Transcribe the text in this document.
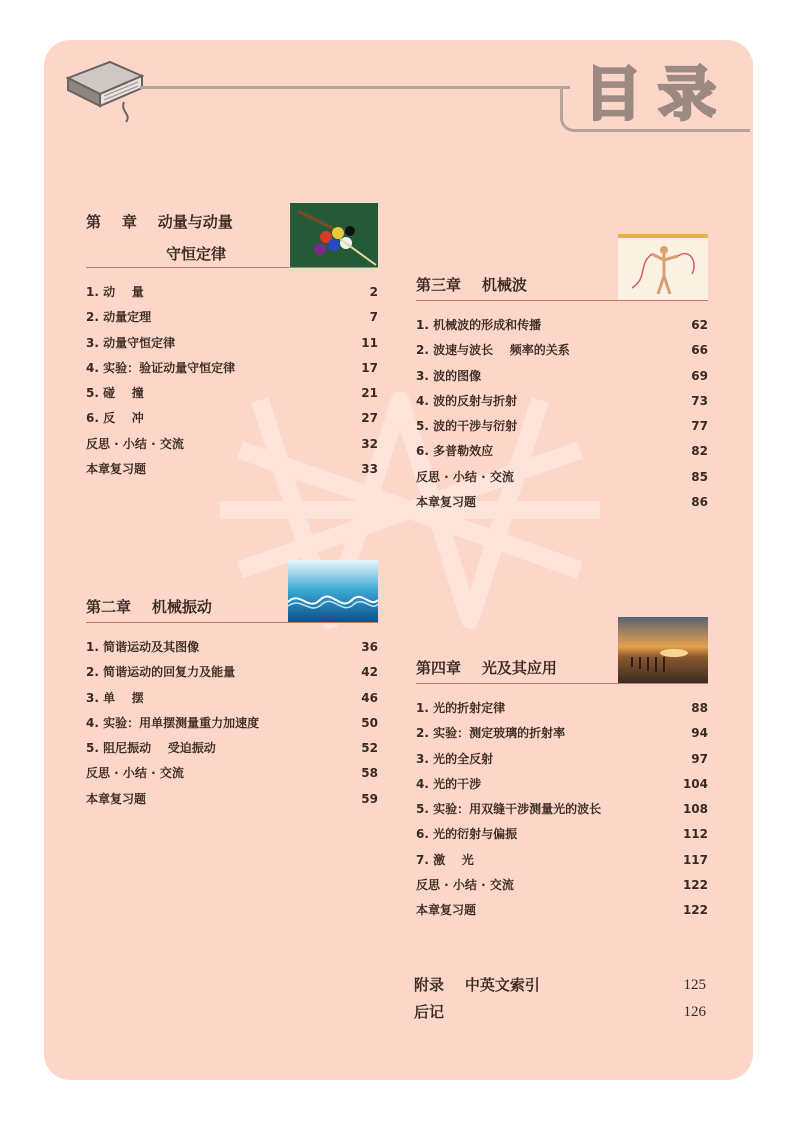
目录
第    章    动量与动量
守恒定律
1. 动    量	2
2. 动量定理	7
3. 动量守恒定律	11
4. 实验：验证动量守恒定律	17
5. 碰    撞	21
6. 反    冲	27
反思 · 小结 · 交流	32
本章复习题	33
第二章    机械振动
1. 简谐运动及其图像	36
2. 简谐运动的回复力及能量	42
3. 单    摆	46
4. 实验：用单摆测量重力加速度	50
5. 阻尼振动    受迫振动	52
反思 · 小结 · 交流	58
本章复习题	59
第三章    机械波
1. 机械波的形成和传播	62
2. 波速与波长    频率的关系	66
3. 波的图像	69
4. 波的反射与折射	73
5. 波的干涉与衍射	77
6. 多普勒效应	82
反思 · 小结 · 交流	85
本章复习题	86
第四章    光及其应用
1. 光的折射定律	88
2. 实验：测定玻璃的折射率	94
3. 光的全反射	97
4. 光的干涉	104
5. 实验：用双缝干涉测量光的波长	108
6. 光的衍射与偏振	112
7. 激    光	117
反思 · 小结 · 交流	122
本章复习题	122
附录    中英文索引	125
后记	126
